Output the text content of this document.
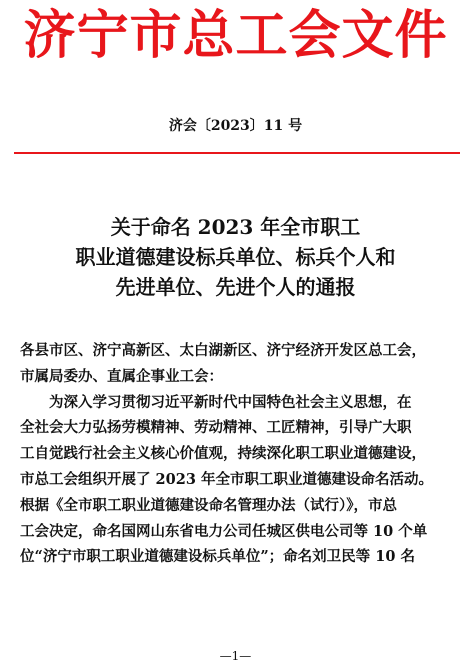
济宁市总工会文件
济会〔2023〕11 号
关于命名 2023 年全市职工
职业道德建设标兵单位、标兵个人和
先进单位、先进个人的通报
各县市区、济宁高新区、太白湖新区、济宁经济开发区总工会，
市属局委办、直属企事业工会：
为深入学习贯彻习近平新时代中国特色社会主义思想，在
全社会大力弘扬劳模精神、劳动精神、工匠精神，引导广大职
工自觉践行社会主义核心价值观，持续深化职工职业道德建设，
市总工会组织开展了 2023 年全市职工职业道德建设命名活动。
根据《全市职工职业道德建设命名管理办法（试行）》，市总
工会决定，命名国网山东省电力公司任城区供电公司等 10 个单
位“济宁市职工职业道德建设标兵单位”；命名刘卫民等 10 名
—1—
